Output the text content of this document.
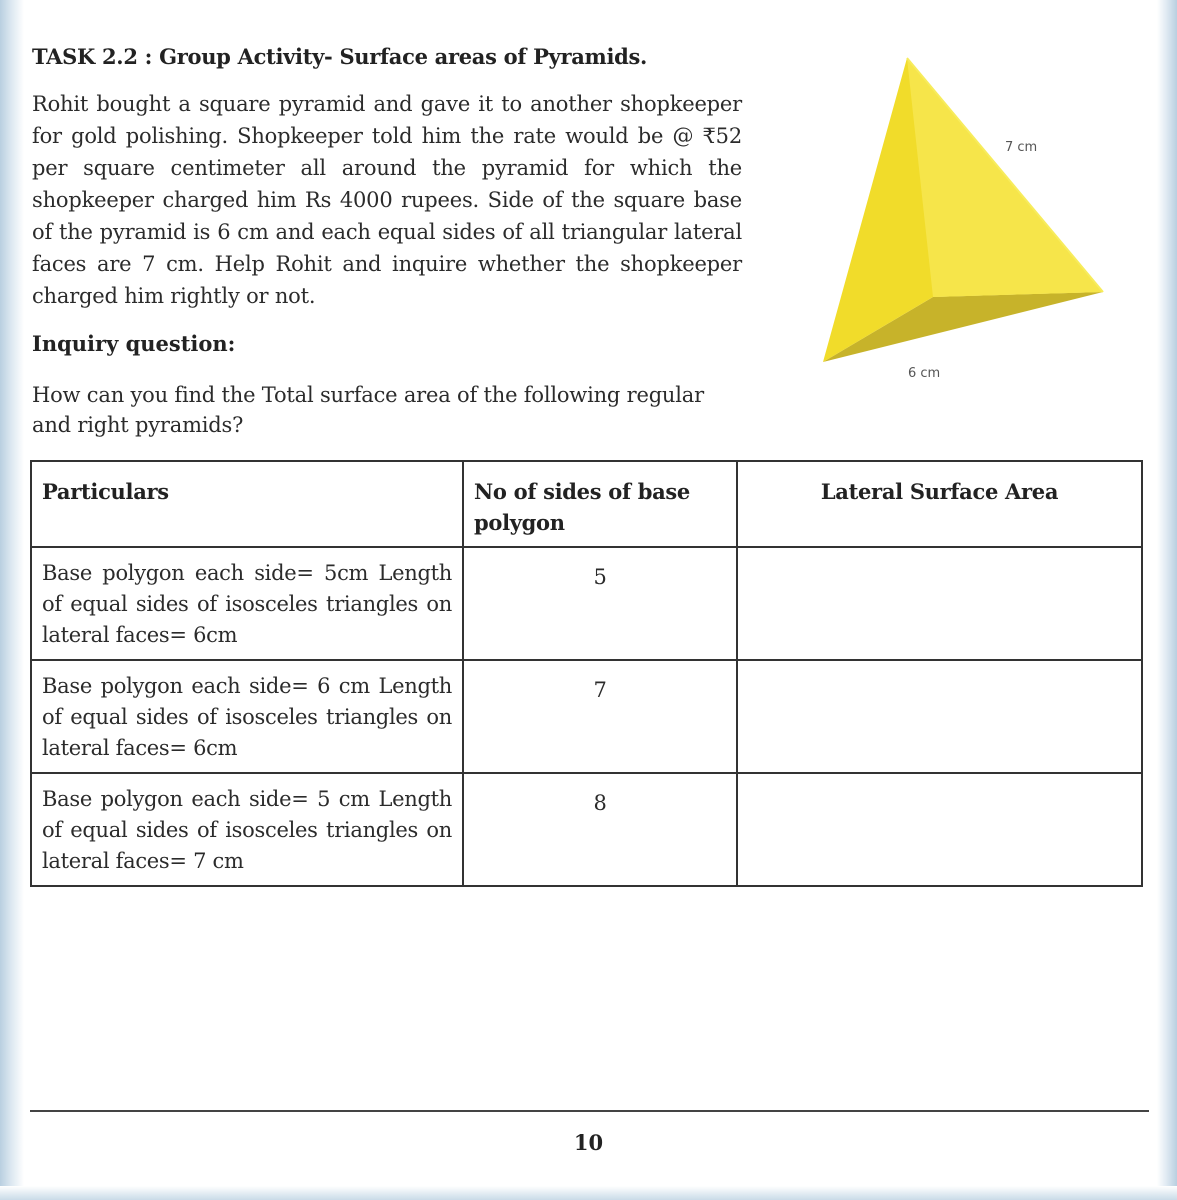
TASK 2.2 : Group Activity- Surface areas of Pyramids.
Rohit bought a square pyramid and gave it to another shopkeeper for gold polishing. Shopkeeper told him the rate would be @ ₹52 per square centimeter all around the pyramid for which the shopkeeper charged him Rs 4000 rupees. Side of the square base of the pyramid is 6 cm and each equal sides of all triangular lateral faces are 7 cm. Help Rohit and inquire whether the shopkeeper charged him rightly or not.
7 cm
6 cm
Inquiry question:
How can you find the Total surface area of the following regular and right pyramids?
Particulars	No of sides of base polygon	Lateral Surface Area
Base polygon each side= 5cm Length of equal sides of isosceles triangles on lateral faces= 6cm	5	
Base polygon each side= 6 cm Length of equal sides of isosceles triangles on lateral faces= 6cm	7	
Base polygon each side= 5 cm Length of equal sides of isosceles triangles on lateral faces= 7 cm	8	
10
